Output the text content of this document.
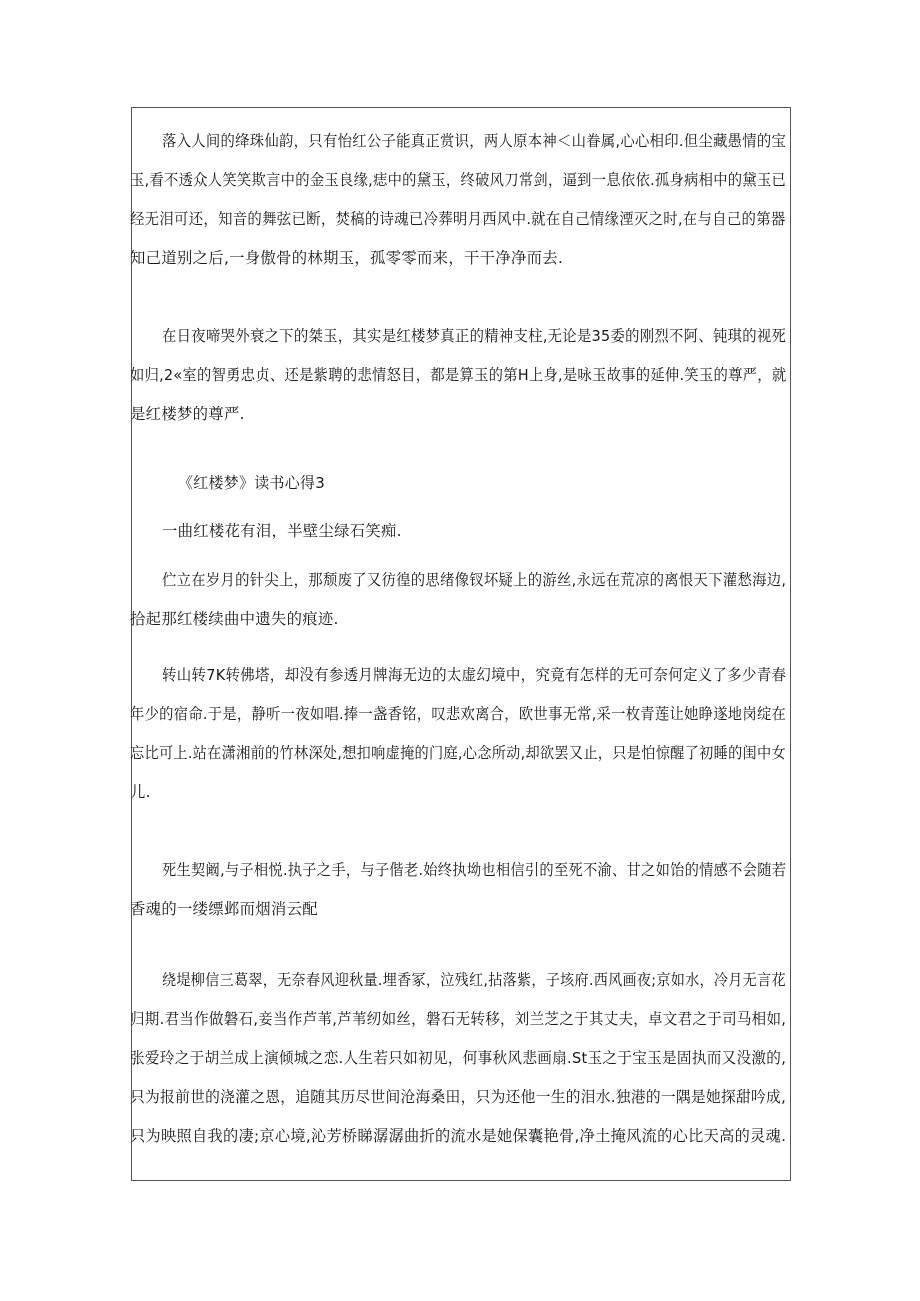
落入人间的绛珠仙韵，只有怡红公子能真正赏识，两人原本神＜山眷属,心心相印.但尘藏愚情的宝
玉,看不透众人笑笑欺言中的金玉良缘,痣中的黛玉，终破风刀常剑，逼到一息依依.孤身病相中的黛玉已
经无泪可还，知音的舞弦已断，焚稿的诗魂已冷葬明月西风中.就在自己情缘湮灭之时,在与自己的第器
知己道别之后,一身傲骨的林期玉，孤零零而来，干干净净而去.
在日夜啼哭外衰之下的桀玉，其实是红楼梦真正的精神支柱,无论是35委的刚烈不阿、钝琪的视死
如归,2«室的智勇忠贞、还是紫聘的悲情怒目，都是算玉的第H上身,是咏玉故事的延伸.笑玉的尊严，就
是红楼梦的尊严.
《红楼梦》读书心得3
一曲红楼花有泪，半壁尘绿石笑痴.
伫立在岁月的针尖上，那颓废了又彷徨的思绪像钗坏疑上的游丝,永远在荒凉的离恨天下灌愁海边,
拾起那红楼续曲中遗失的痕迹.
转山转7K转佛塔，却没有参透月牌海无边的太虚幻境中，究竟有怎样的无可奈何定义了多少青春
年少的宿命.于是，静听一夜如唱.捧一盏香铭，叹悲欢离合，欧世事无常,采一枚青莲让她睁遂地岗绽在
忘比可上.站在潇湘前的竹林深处,想扣响虚掩的门庭,心念所动,却欲罢又止，只是怕惊醒了初睡的闺中女
儿.
死生契阚,与子相悦.执子之手，与子偕老.始终执坳也相信引的至死不渝、甘之如饴的情感不会随若
香魂的一缕缥邺而烟消云配
绕堤柳信三葛翠，无奈春风迎秋量.埋香冢，泣残红,拈落紫，子垓府.西风画夜;京如水，冷月无言花
归期.君当作做磐石,妾当作芦苇,芦苇纫如丝，磐石无转移，刘兰芝之于其丈夫，卓文君之于司马相如,
张爱玲之于胡兰成上演倾城之恋.人生若只如初见，何事秋风悲画扇.St玉之于宝玉是固执而又没激的,
只为报前世的浇灌之恩，追随其历尽世间沧海桑田，只为还他一生的泪水.独港的一隅是她探甜吟成,
只为映照自我的凄;京心境,沁芳桥睇潺潺曲折的流水是她保囊艳骨,净土掩风流的心比天高的灵魂.
